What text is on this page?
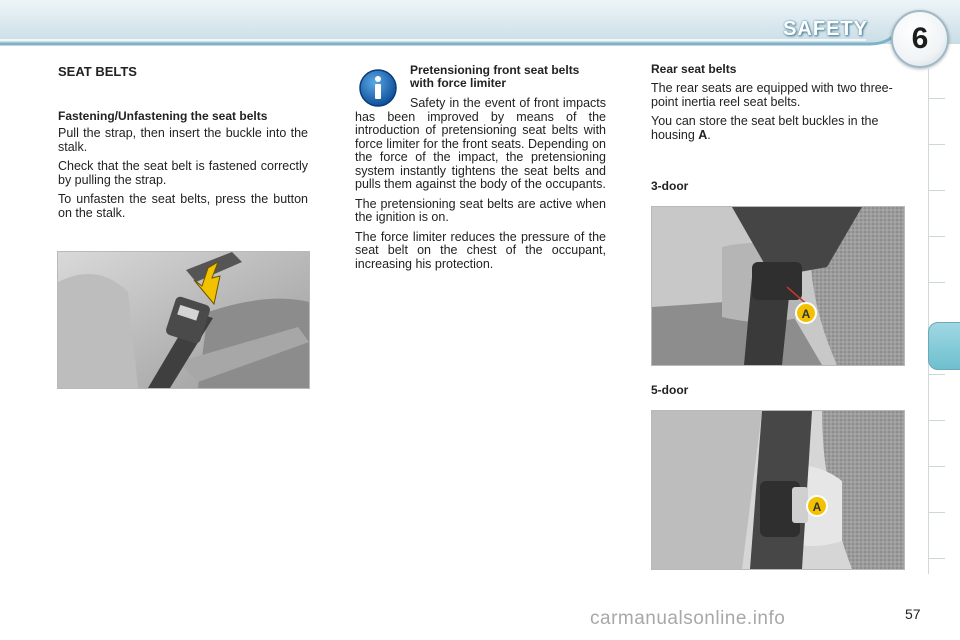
SAFETY 6
SEAT BELTS
Fastening/Unfastening the seat belts

Pull the strap, then insert the buckle into the stalk.

Check that the seat belt is fastened correctly by pulling the strap.

To unfasten the seat belts, press the button on the stalk.

Pretensioning front seat belts with force limiter

Safety in the event of front impacts has been improved by means of the introduction of pretensioning seat belts with force limiter for the front seats. Depending on the force of the impact, the pretensioning system instantly tightens the seat belts and pulls them against the body of the occupants.

The pretensioning seat belts are active when the ignition is on.

The force limiter reduces the pressure of the seat belt on the chest of the occupant, increasing his protection.

Rear seat belts

The rear seats are equipped with two three-point inertia reel seat belts.

You can store the seat belt buckles in the housing A.

3-door
A
5-door
A
carmanualsonline.info	57
